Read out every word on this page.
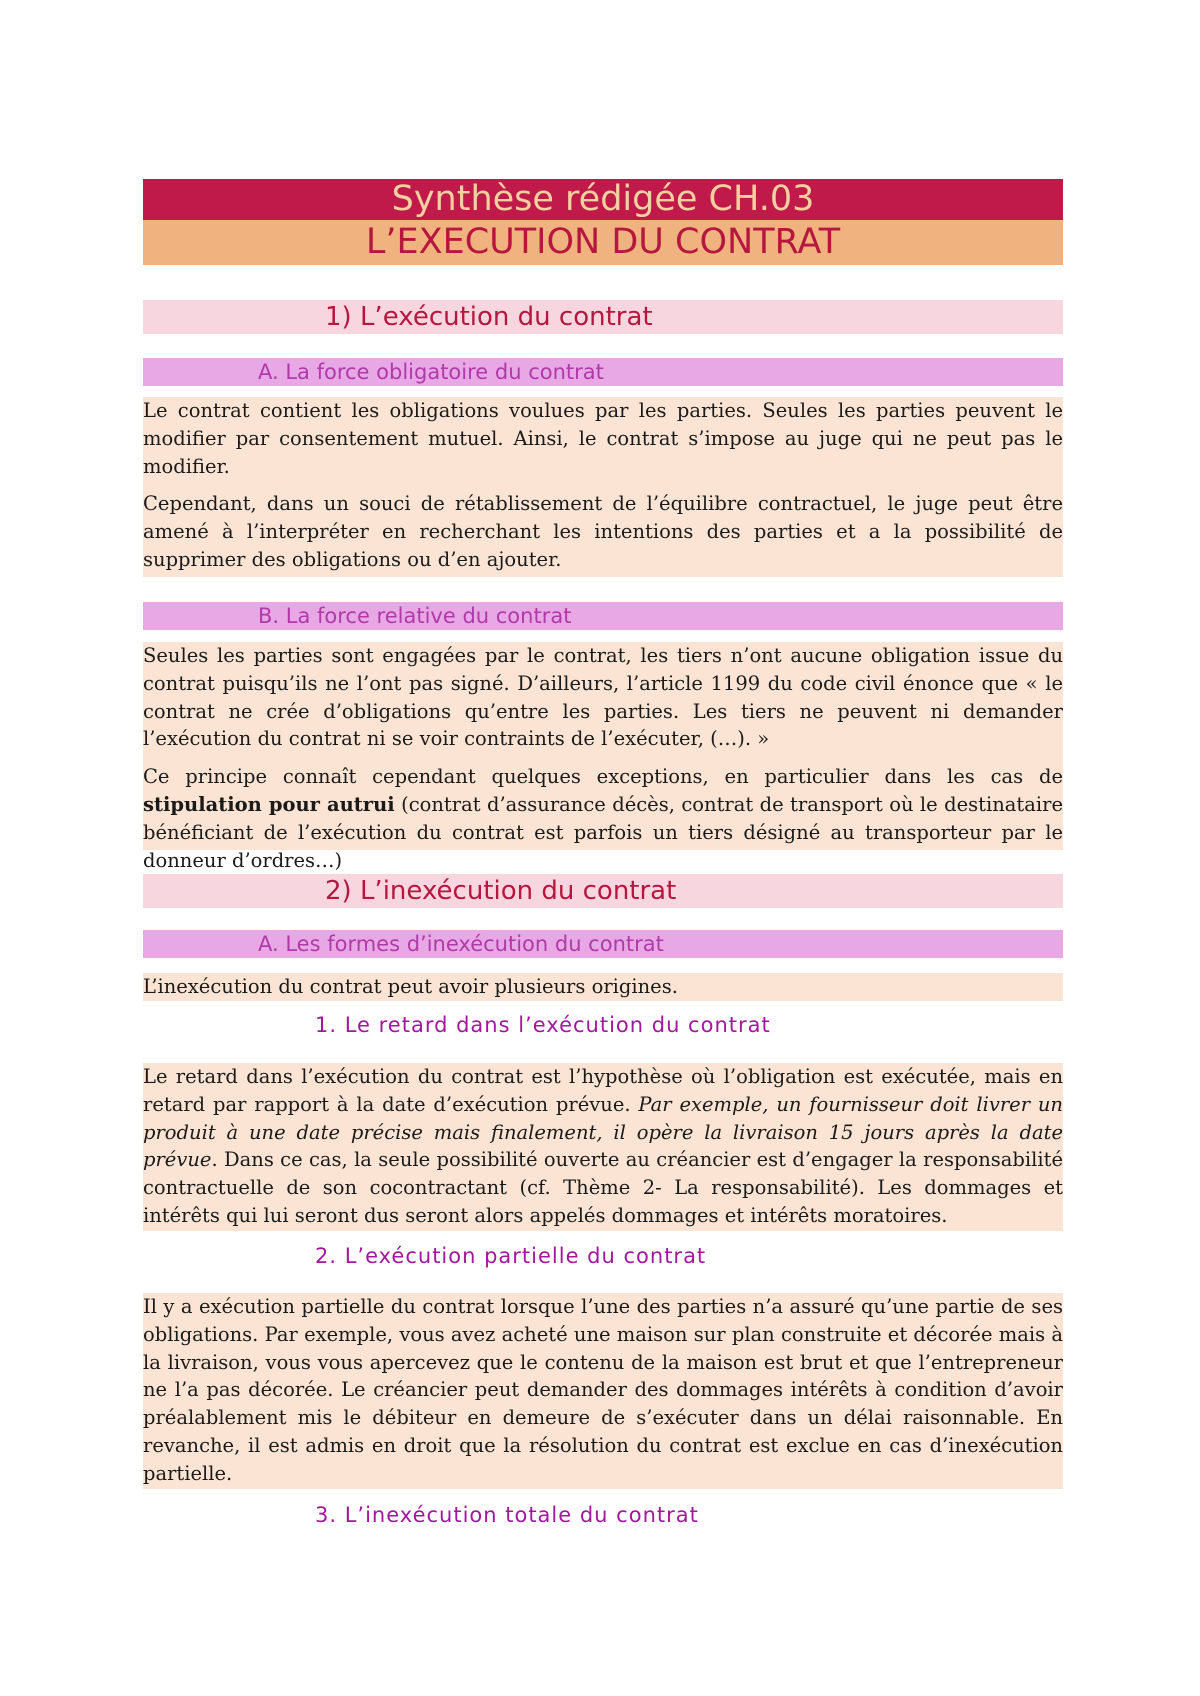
Synthèse rédigée CH.03
L’EXECUTION DU CONTRAT
1) L’exécution du contrat
A. La force obligatoire du contrat

Le contrat contient les obligations voulues par les parties. Seules les parties peuvent le modifier par consentement mutuel. Ainsi, le contrat s’impose au juge qui ne peut pas le modifier.

Cependant, dans un souci de rétablissement de l’équilibre contractuel, le juge peut être amené à l’interpréter en recherchant les intentions des parties et a la possibilité de supprimer des obligations ou d’en ajouter.

B. La force relative du contrat

Seules les parties sont engagées par le contrat, les tiers n’ont aucune obligation issue du contrat puisqu’ils ne l’ont pas signé. D’ailleurs, l’article 1199 du code civil énonce que « le contrat ne crée d’obligations qu’entre les parties. Les tiers ne peuvent ni demander l’exécution du contrat ni se voir contraints de l’exécuter, (…). »

Ce principe connaît cependant quelques exceptions, en particulier dans les cas de stipulation pour autrui (contrat d’assurance décès, contrat de transport où le destinataire bénéficiant de l’exécution du contrat est parfois un tiers désigné au transporteur par le donneur d’ordres…)

2) L’inexécution du contrat
A. Les formes d’inexécution du contrat

L’inexécution du contrat peut avoir plusieurs origines.

1. Le retard dans l’exécution du contrat

Le retard dans l’exécution du contrat est l’hypothèse où l’obligation est exécutée, mais en retard par rapport à la date d’exécution prévue. Par exemple, un fournisseur doit livrer un produit à une date précise mais finalement, il opère la livraison 15 jours après la date prévue. Dans ce cas, la seule possibilité ouverte au créancier est d’engager la responsabilité contractuelle de son cocontractant (cf. Thème 2- La responsabilité). Les dommages et intérêts qui lui seront dus seront alors appelés dommages et intérêts moratoires.

2. L’exécution partielle du contrat

Il y a exécution partielle du contrat lorsque l’une des parties n’a assuré qu’une partie de ses obligations. Par exemple, vous avez acheté une maison sur plan construite et décorée mais à la livraison, vous vous apercevez que le contenu de la maison est brut et que l’entrepreneur ne l’a pas décorée. Le créancier peut demander des dommages intérêts à condition d’avoir préalablement mis le débiteur en demeure de s’exécuter dans un délai raisonnable. En revanche, il est admis en droit que la résolution du contrat est exclue en cas d’inexécution partielle.

3. L’inexécution totale du contrat
